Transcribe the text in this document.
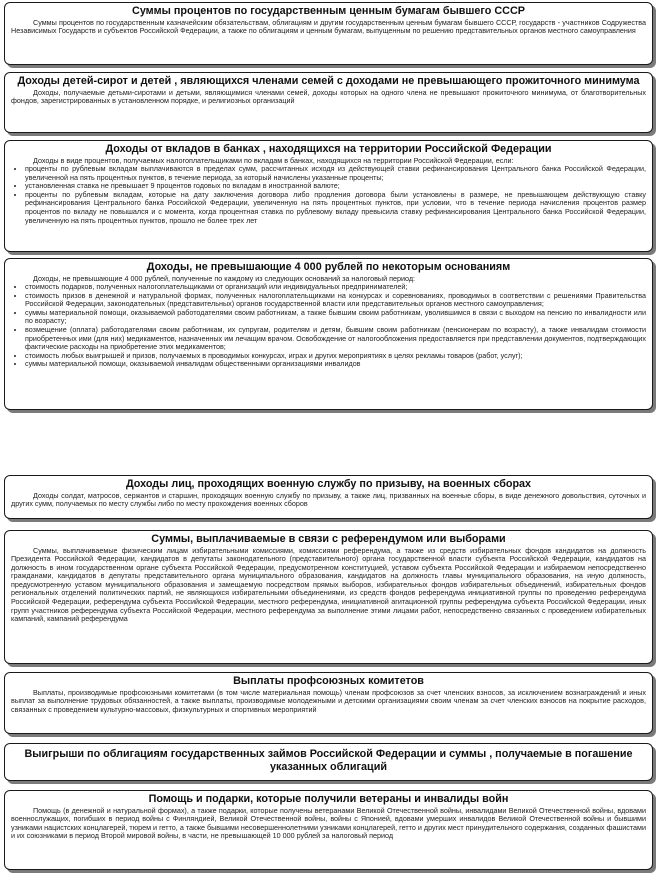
Суммы процентов по государственным ценным бумагам бывшего СССР

Суммы процентов по государственным казначейским обязательствам, облигациям и другим государственным ценным бумагам бывшего СССР, государств - участников Содружества Независимых Государств и субъектов Российской Федерации, а также по облигациям и ценным бумагам, выпущенным по решению представительных органов местного самоуправления

Доходы детей-сирот и детей , являющихся членами семей с доходами не превышающего прожиточного минимума

Доходы, получаемые детьми-сиротами и детьми, являющимися членами семей, доходы которых на одного члена не превышают прожиточного минимума, от благотворительных фондов, зарегистрированных в установленном порядке, и религиозных организаций

Доходы от вкладов в банках , находящихся на территории Российской Федерации

Доходы в виде процентов, получаемых налогоплательщиками по вкладам в банках, находящихся на территории Российской Федерации, если:

• проценты по рублевым вкладам выплачиваются в пределах сумм, рассчитанных исходя из действующей ставки рефинансирования Центрального банка Российской Федерации, увеличенной на пять процентных пунктов, в течение периода, за который начислены указанные проценты;
• установленная ставка не превышает 9 процентов годовых по вкладам в иностранной валюте;
• проценты по рублевым вкладам, которые на дату заключения договора либо продления договора были установлены в размере, не превышающем действующую ставку рефинансирования Центрального банка Российской Федерации, увеличенную на пять процентных пунктов, при условии, что в течение периода начисления процентов размер процентов по вкладу не повышался и с момента, когда процентная ставка по рублевому вкладу превысила ставку рефинансирования Центрального банка Российской Федерации, увеличенную на пять процентных пунктов, прошло не более трех лет
Доходы, не превышающие 4 000 рублей по некоторым основаниям

Доходы, не превышающие 4 000 рублей, полученные по каждому из следующих оснований за налоговый период:

• стоимость подарков, полученных налогоплательщиками от организаций или индивидуальных предпринимателей;
• стоимость призов в денежной и натуральной формах, полученных налогоплательщиками на конкурсах и соревнованиях, проводимых в соответствии с решениями Правительства Российской Федерации, законодательных (представительных) органов государственной власти или представительных органов местного самоуправления;
• суммы материальной помощи, оказываемой работодателями своим работникам, а также бывшим своим работникам, уволившимся в связи с выходом на пенсию по инвалидности или по возрасту;
• возмещение (оплата) работодателями своим работникам, их супругам, родителям и детям, бывшим своим работникам (пенсионерам по возрасту), а также инвалидам стоимости приобретенных ими (для них) медикаментов, назначенных им лечащим врачом. Освобождение от налогообложения предоставляется при представлении документов, подтверждающих фактические расходы на приобретение этих медикаментов;
• стоимость любых выигрышей и призов, получаемых в проводимых конкурсах, играх и других мероприятиях в целях рекламы товаров (работ, услуг);
• суммы материальной помощи, оказываемой инвалидам общественными организациями инвалидов
Доходы лиц, проходящих военную службу по призыву, на военных сборах

Доходы солдат, матросов, сержантов и старшин, проходящих военную службу по призыву, а также лиц, призванных на военные сборы, в виде денежного довольствия, суточных и других сумм, получаемых по месту службы либо по месту прохождения военных сборов

Суммы, выплачиваемые в связи с референдумом или выборами

Суммы, выплачиваемые физическим лицам избирательными комиссиями, комиссиями референдума, а также из средств избирательных фондов кандидатов на должность Президента Российской Федерации, кандидатов в депутаты законодательного (представительного) органа государственной власти субъекта Российской Федерации, кандидатов на должность в ином государственном органе субъекта Российской Федерации, предусмотренном конституцией, уставом субъекта Российской Федерации и избираемом непосредственно гражданами, кандидатов в депутаты представительного органа муниципального образования, кандидатов на должность главы муниципального образования, на иную должность, предусмотренную уставом муниципального образования и замещаемую посредством прямых выборов, избирательных фондов избирательных объединений, избирательных фондов региональных отделений политических партий, не являющихся избирательными объединениями, из средств фондов референдума инициативной группы по проведению референдума Российской Федерации, референдума субъекта Российской Федерации, местного референдума, инициативной агитационной группы референдума субъекта Российской Федерации, иных групп участников референдума субъекта Российской Федерации, местного референдума за выполнение этими лицами работ, непосредственно связанных с проведением избирательных кампаний, кампаний референдума

Выплаты профсоюзных комитетов

Выплаты, производимые профсоюзными комитетами (в том числе материальная помощь) членам профсоюзов за счет членских взносов, за исключением вознаграждений и иных выплат за выполнение трудовых обязанностей, а также выплаты, производимые молодежными и детскими организациями своим членам за счет членских взносов на покрытие расходов, связанных с проведением культурно-массовых, физкультурных и спортивных мероприятий

Выигрыши по облигациям государственных займов Российской Федерации и суммы , получаемые в погашение указанных облигаций
Помощь и подарки, которые получили ветераны и инвалиды войн

Помощь (в денежной и натуральной формах), а также подарки, которые получены ветеранами Великой Отечественной войны, инвалидами Великой Отечественной войны, вдовами военнослужащих, погибших в период войны с Финляндией, Великой Отечественной войны, войны с Японией, вдовами умерших инвалидов Великой Отечественной войны и бывшими узниками нацистских концлагерей, тюрем и гетто, а также бывшими несовершеннолетними узниками концлагерей, гетто и других мест принудительного содержания, созданных фашистами и их союзниками в период Второй мировой войны, в части, не превышающей 10 000 рублей за налоговый период
